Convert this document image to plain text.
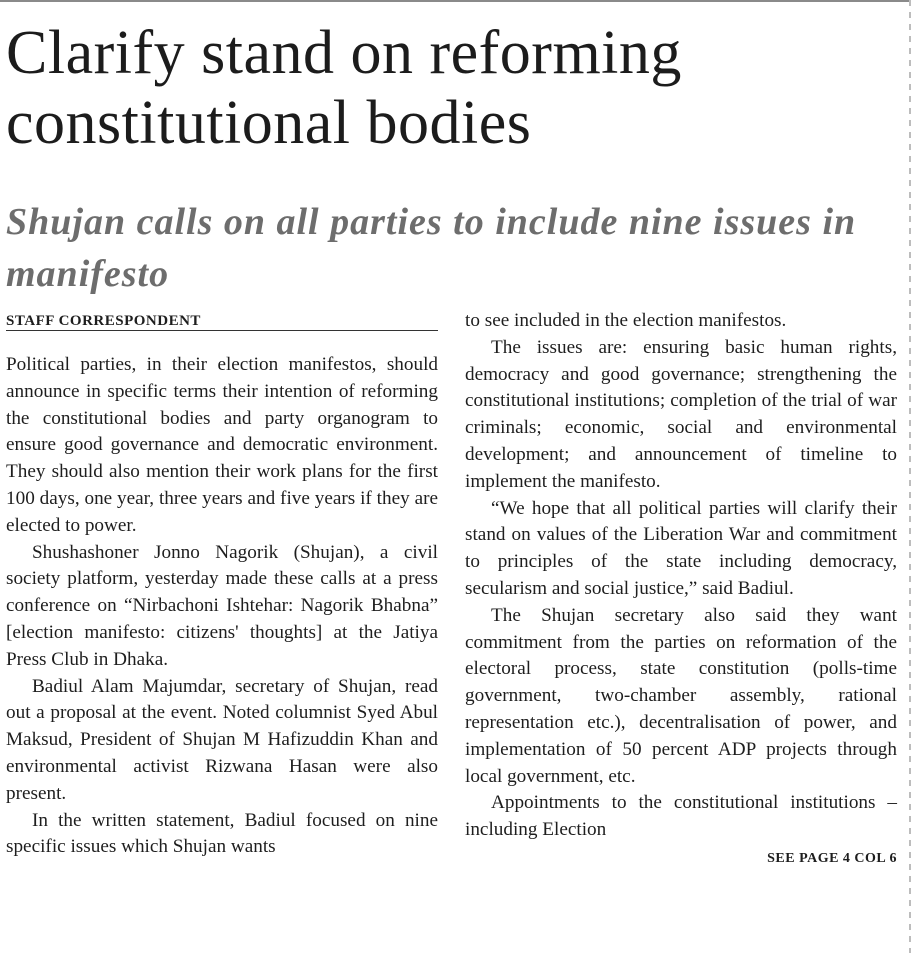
Clarify stand on reforming constitutional bodies
Shujan calls on all parties to include nine issues in manifesto
STAFF CORRESPONDENT

Political parties, in their election manifestos, should announce in specific terms their intention of reforming the constitutional bodies and party organogram to ensure good governance and democratic environment. They should also mention their work plans for the first 100 days, one year, three years and five years if they are elected to power.

Shushashoner Jonno Nagorik (Shujan), a civil society platform, yesterday made these calls at a press conference on “Nirbachoni Ishtehar: Nagorik Bhabna” [election manifesto: citizens' thoughts] at the Jatiya Press Club in Dhaka.

Badiul Alam Majumdar, secretary of Shujan, read out a proposal at the event. Noted columnist Syed Abul Maksud, President of Shujan M Hafizuddin Khan and environmental activist Rizwana Hasan were also present.

In the written statement, Badiul focused on nine specific issues which Shujan wants

to see included in the election manifestos.

The issues are: ensuring basic human rights, democracy and good governance; strengthening the constitutional institutions; completion of the trial of war criminals; economic, social and environmental development; and announcement of timeline to implement the manifesto.

“We hope that all political parties will clarify their stand on values of the Liberation War and commitment to principles of the state including democracy, secularism and social justice,” said Badiul.

The Shujan secretary also said they want commitment from the parties on reformation of the electoral process, state constitution (polls-time government, two-chamber assembly, rational representation etc.), decentralisation of power, and implementation of 50 percent ADP projects through local government, etc.

Appointments to the constitutional institutions – including Election

SEE PAGE 4 COL 6
